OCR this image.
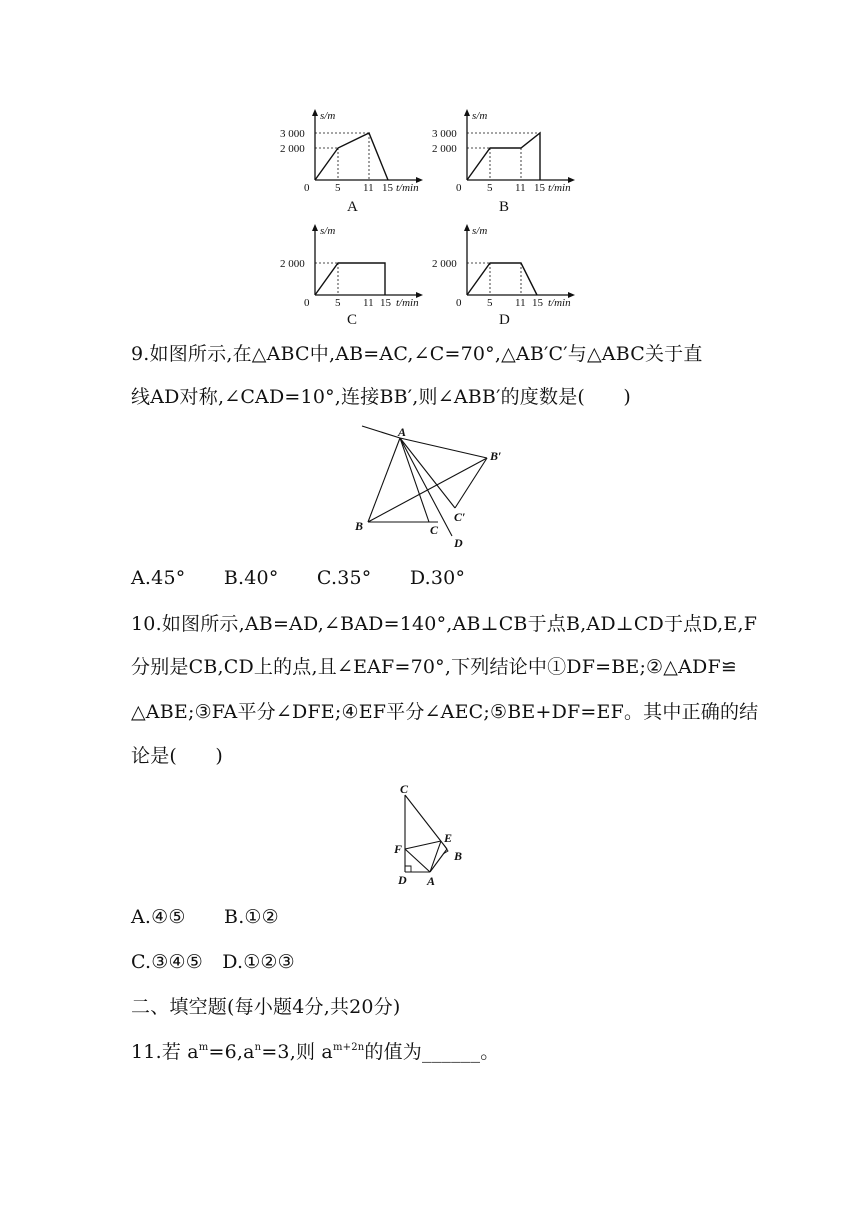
s/m
3 000
2 000
0 5 11 15 t/min
A
s/m
3 000
2 000
0 5 11 15 t/min
B
s/m
2 000
0 5 11 15 t/min
C
s/m
2 000
0 5 11 15 t/min
D
9.如图所示,在△ABC中,AB=AC,∠C=70°,△AB′C′与△ABC关于直
线AD对称,∠CAD=10°,连接BB′,则∠ABB′的度数是(　　)
A
B′
C′
B	C
D
A.45°　　B.40°　　C.35°　　D.30°
10.如图所示,AB=AD,∠BAD=140°,AB⊥CB于点B,AD⊥CD于点D,E,F
分别是CB,CD上的点,且∠EAF=70°,下列结论中①DF=BE;②△ADF≌
△ABE;③FA平分∠DFE;④EF平分∠AEC;⑤BE+DF=EF。其中正确的结
论是(　　)
C
E
B
F
D A
A.④⑤　　B.①②
C.③④⑤　D.①②③
二、填空题(每小题4分,共20分)
11.若 $a^m=6,a^n=3$,则 $a^{m+2n}$的值为______。
